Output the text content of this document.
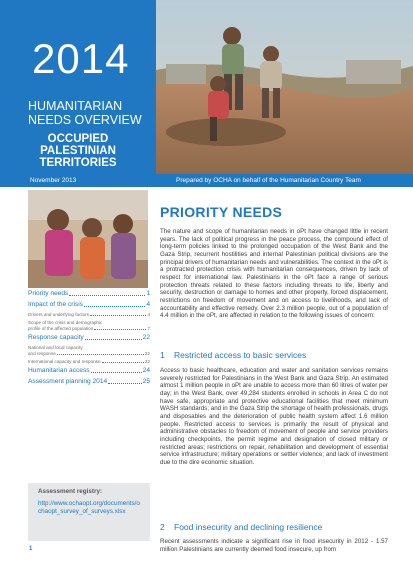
2014
HUMANITARIAN
NEEDS OVERVIEW
OCCUPIED
PALESTINIAN
TERRITORIES
November 2013	Prepared by OCHA on behalf of the Humanitarian Country Team
Priority needs	1
Impact of the crisis	4
Drivers and underlying factors	4
Scope of the crisis and demographic
profile of the affected population	7
Response capacity	22
National and local capacity
and response	22
International capacity and response	22
Humanitarian access	24
Assessment planning 2014	25
Assessment registry:
http://www.ochaopt.org/documents/ochaopt_survey_of_surveys.xlsx
PRIORITY NEEDS
The nature and scope of humanitarian needs in oPt have changed little in recent years. The lack of political progress in the peace process, the compound effect of long-term policies linked to the prolonged occupation of the West Bank and the Gaza Strip, recurrent hostilities and internal Palestinian political divisions are the principal drivers of humanitarian needs and vulnerabilities. The context in the oPt is a protracted protection crisis with humanitarian consequences, driven by lack of respect for international law. Palestinians in the oPt face a range of serious protection threats related to these factors including threats to life, liberty and security, destruction or damage to homes and other property, forced displacement, restrictions on freedom of movement and on access to livelihoods, and lack of accountability and effective remedy. Over 2.3 million people, out of a population of 4.4 million in the oPt, are affected in relation to the following issues of concern:
1 Restricted access to basic services
Access to basic healthcare, education and water and sanitation services remains severely restricted for Palestinians in the West Bank and Gaza Strip. An estimated almost 1 million people in oPt are unable to access more than 60 litres of water per day; in the West Bank, over 49,284 students enrolled in schools in Area C do not have safe, appropriate and protective educational facilities that meet minimum WASH standards; and in the Gaza Strip the shortage of health professionals, drugs and disposables and the deterioration of public health system affect 1.6 million people. Restricted access to services is primarily the result of physical and administrative obstacles to freedom of movement of people and service providers including checkpoints, the permit regime and designation of closed military or restricted areas; restrictions on repair, rehabilitation and development of essential service infrastructure; military operations or settler violence; and lack of investment due to the dire economic situation.
2 Food insecurity and declining resilience
Recent assessments indicate a significant rise in food insecurity in 2012 - 1.57 million Palestinians are currently deemed food insecure, up from
1
